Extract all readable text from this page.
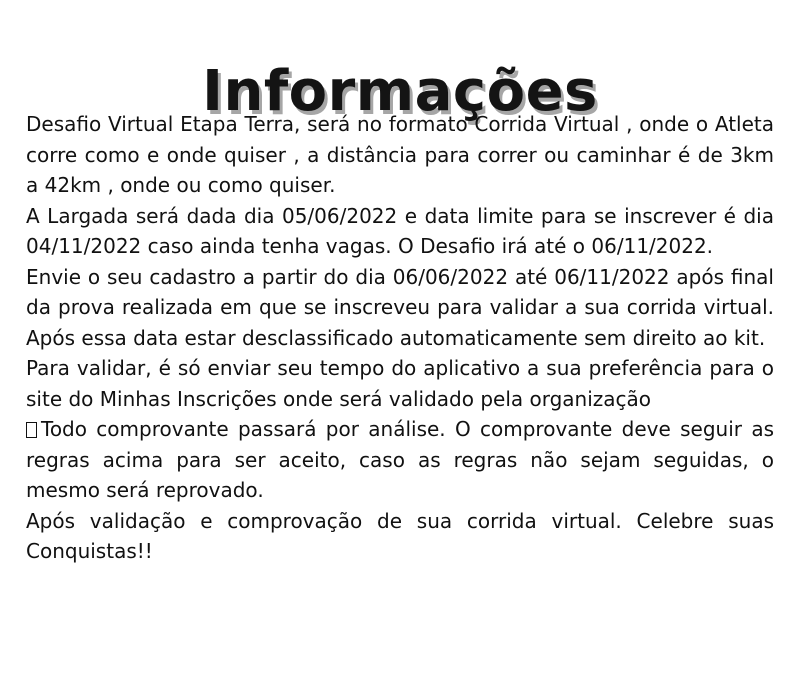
Informações

Desafio Virtual Etapa Terra, será no formato Corrida Virtual , onde o Atleta corre como e onde quiser , a distância para correr ou caminhar é de 3km a 42km , onde ou como quiser.

A Largada será dada dia 05/06/2022 e data limite para se inscrever é dia 04/11/2022 caso ainda tenha vagas. O Desafio irá até o 06/11/2022.

Envie o seu cadastro a partir do dia 06/06/2022 até 06/11/2022 após final da prova realizada em que se inscreveu para validar a sua corrida virtual. Após essa data estar desclassificado automaticamente sem direito ao kit.

Para validar, é só enviar seu tempo do aplicativo a sua preferência para o site do Minhas Inscrições onde será validado pela organização

Todo comprovante passará por análise. O comprovante deve seguir as regras acima para ser aceito, caso as regras não sejam seguidas, o mesmo será reprovado.

Após validação e comprovação de sua corrida virtual. Celebre suas Conquistas!!
